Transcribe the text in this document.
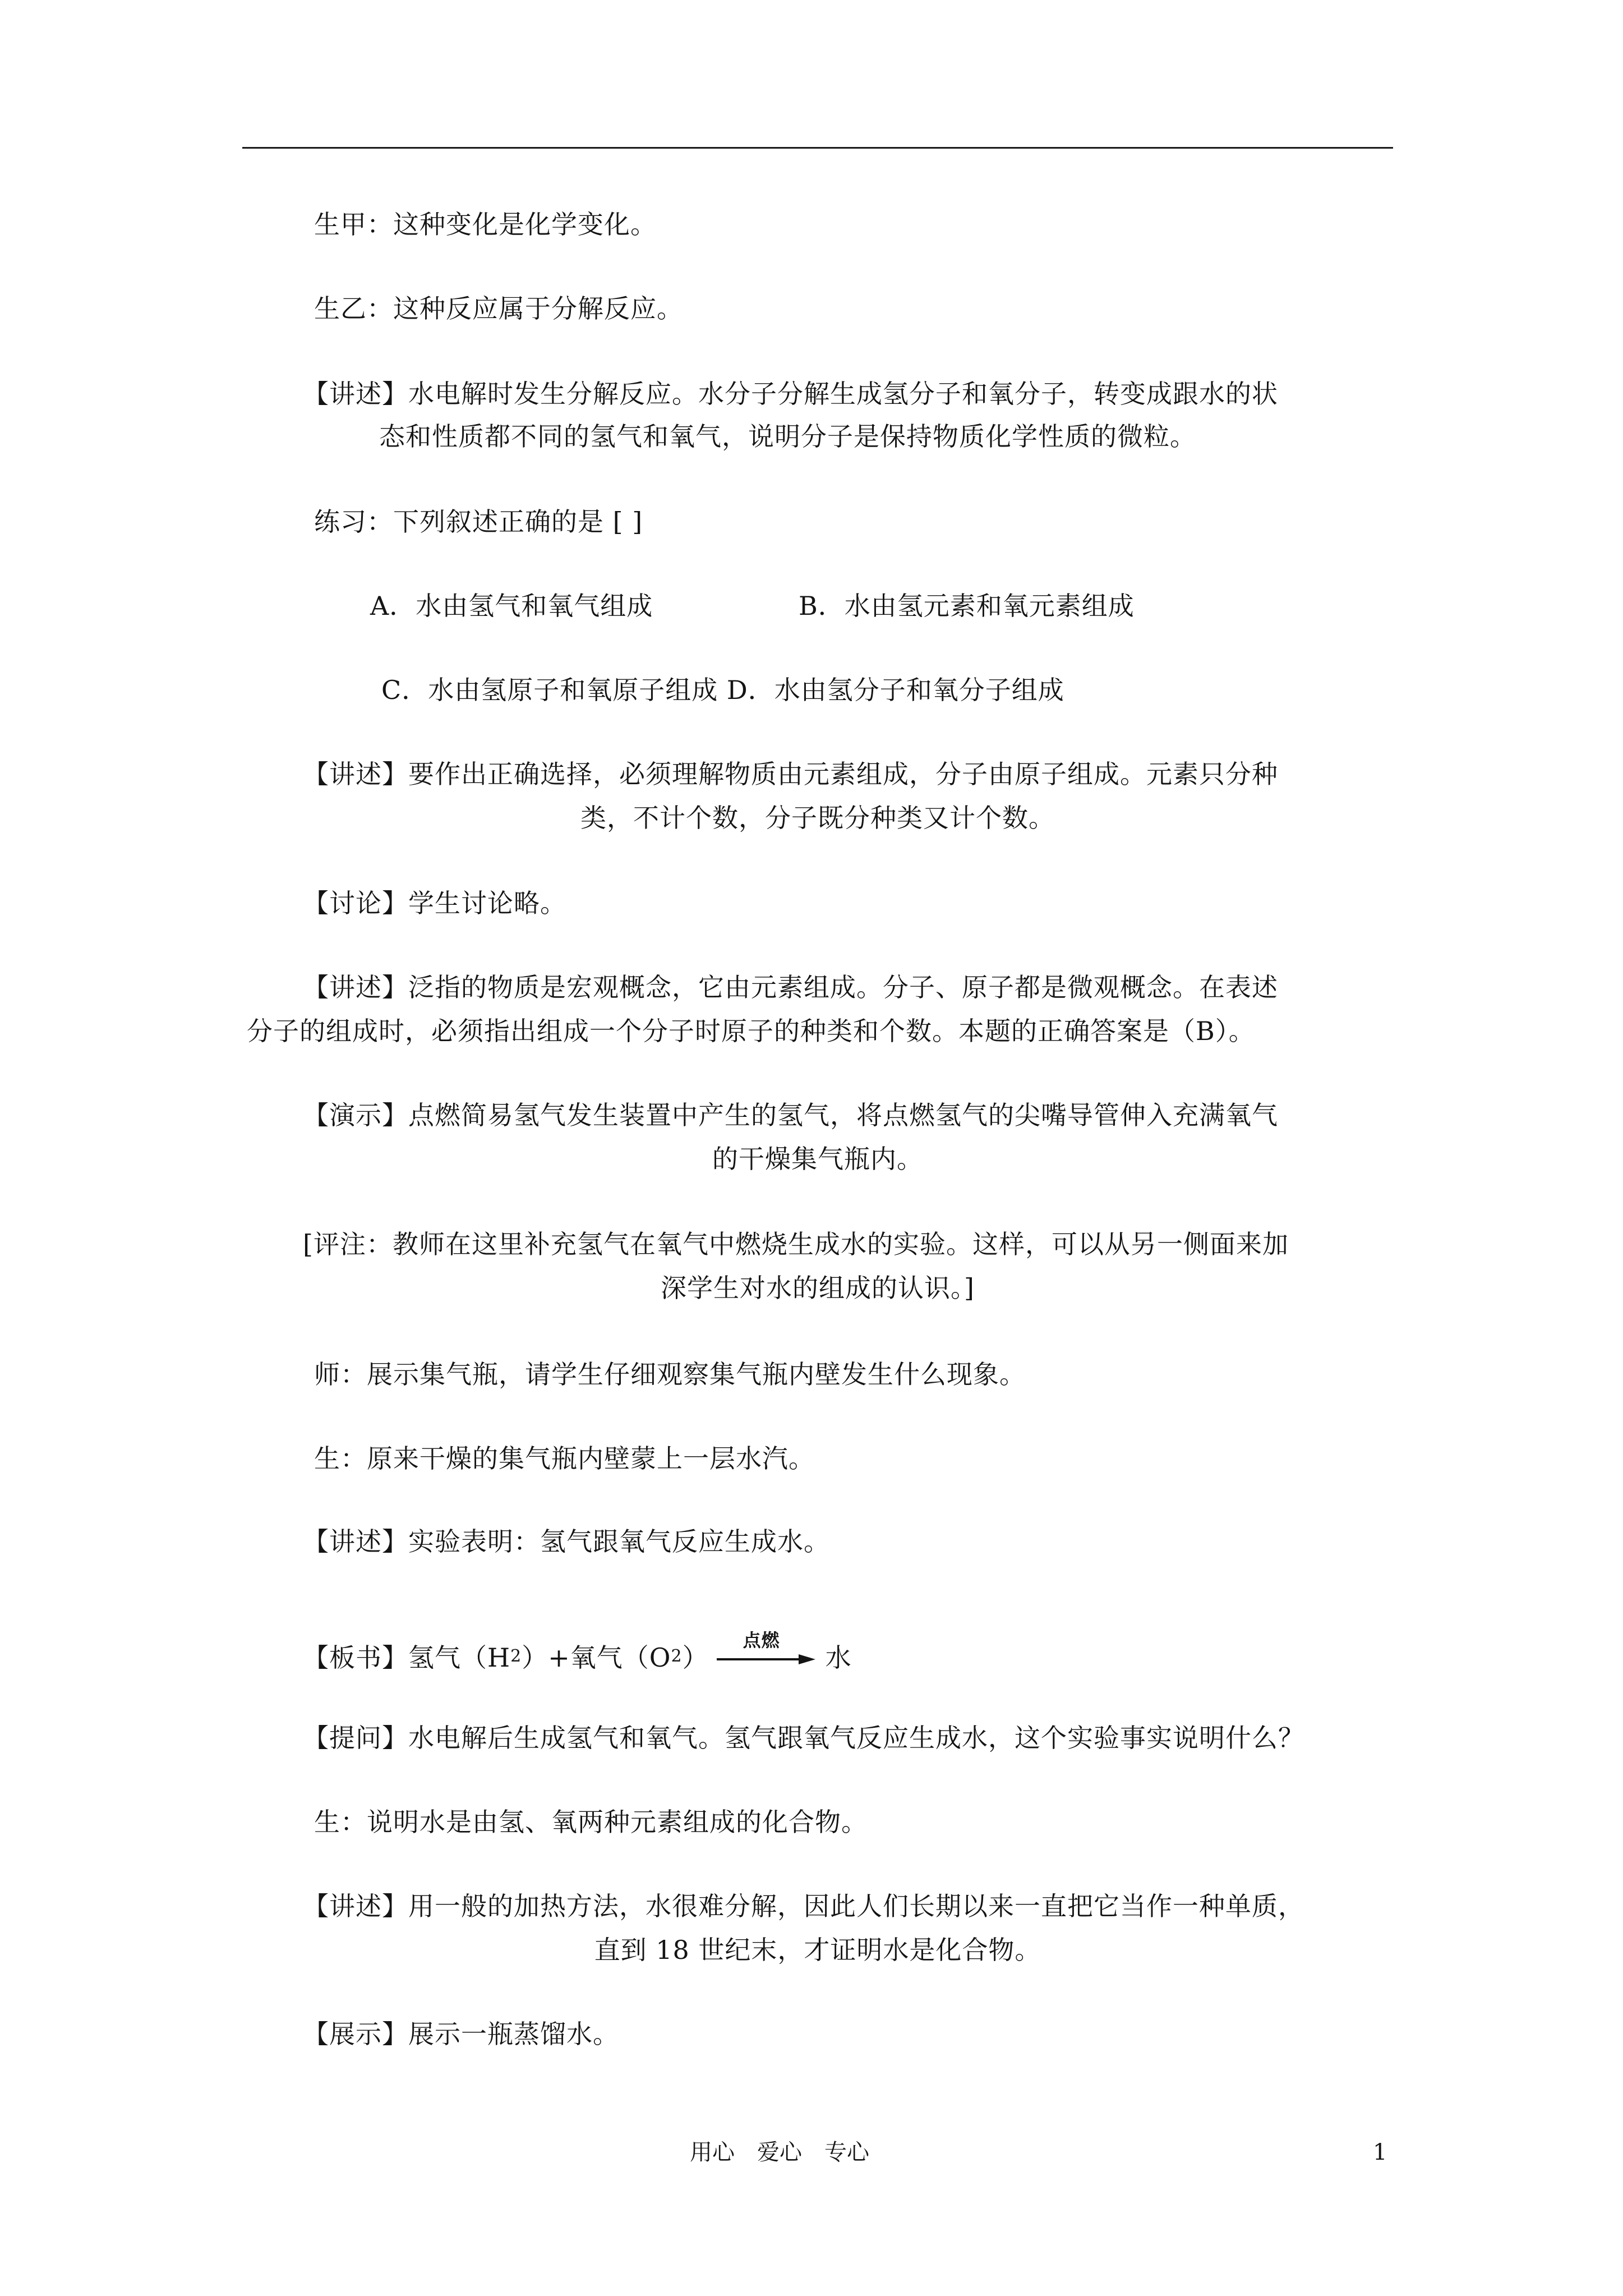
生甲：这种变化是化学变化。
生乙：这种反应属于分解反应。
【讲述】水电解时发生分解反应。水分子分解生成氢分子和氧分子，转变成跟水的状
态和性质都不同的氢气和氧气，说明分子是保持物质化学性质的微粒。
练习：下列叙述正确的是 [ ]
A．水由氢气和氧气组成	B．水由氢元素和氧元素组成
C．水由氢原子和氧原子组成 D．水由氢分子和氧分子组成
【讲述】要作出正确选择，必须理解物质由元素组成，分子由原子组成。元素只分种
类，不计个数，分子既分种类又计个数。
【讨论】学生讨论略。
【讲述】泛指的物质是宏观概念，它由元素组成。分子、原子都是微观概念。在表述
分子的组成时，必须指出组成一个分子时原子的种类和个数。本题的正确答案是（B）。
【演示】点燃简易氢气发生装置中产生的氢气，将点燃氢气的尖嘴导管伸入充满氧气
的干燥集气瓶内。
[评注：教师在这里补充氢气在氧气中燃烧生成水的实验。这样，可以从另一侧面来加
深学生对水的组成的认识。]
师：展示集气瓶，请学生仔细观察集气瓶内壁发生什么现象。
生：原来干燥的集气瓶内壁蒙上一层水汽。
【讲述】实验表明：氢气跟氧气反应生成水。
【板书】氢气（H 2 ）+氧气（O 2 ）
点燃
水
【提问】水电解后生成氢气和氧气。氢气跟氧气反应生成水，这个实验事实说明什么？
生：说明水是由氢、氧两种元素组成的化合物。
【讲述】用一般的加热方法，水很难分解，因此人们长期以来一直把它当作一种单质，
直到 18 世纪末，才证明水是化合物。
【展示】展示一瓶蒸馏水。
用心　爱心　专心	1
